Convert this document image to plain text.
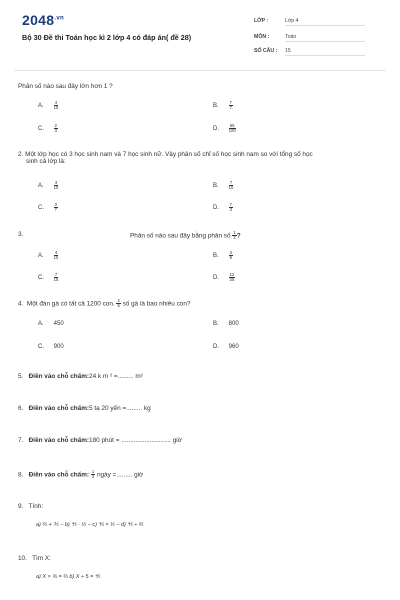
$2048^{.vn}$
Bộ 30 Đề thi Toán học kì 2 lớp 4 có đáp án( đề 28)
LỚP :	Lớp 4
MÔN :	Toán
SỐ CÂU :	15
Phân số nào sau đây lớn hơn 1 ?
A. $\frac{4}{15}$	B. $\frac{7}{7}$
C. $\frac{2}{3}$	D. $\frac{55}{100}$
2. Một lớp học có 3 học sinh nam và 7 học sinh nữ. Vậy phân số chỉ số học sinh nam so với tổng số học
sinh cả lớp là:
A. $\frac{3}{10}$	B. $\frac{7}{10}$
C. $\frac{3}{7}$	D. $\frac{7}{3}$
3.	Phân số nào sau đây bằng phân số $\frac{1}{3}$ ?
A. $\frac{4}{15}$	B. $\frac{3}{9}$
C. $\frac{7}{15}$	D. $\frac{12}{25}$
4. Một đàn gà có tất cả 1200 con. $\frac{2}{5}$ số gà là bao nhiêu con?
A. 450	B. 800
C. 900	D. 960
5. Điền vào chỗ chấm:24 k m ² =......... m²
6. Điền vào chỗ chấm:5 tạ 20 yến =......... kg
7. Điền vào chỗ chấm:180 phút = ............................ giờ
8. Điền vào chỗ chấm: $\frac{1}{2}$ ngày =......... giờ
9. Tính:
a) ⅔ + ⅗ − b) ⅘ · ⅓ − c) ⅘ × ⅓ − d) ⅘ ÷ ⅔
10. Tìm X:
a) X × ¾ = ⅔ b) X ÷ 5 = ⅘
